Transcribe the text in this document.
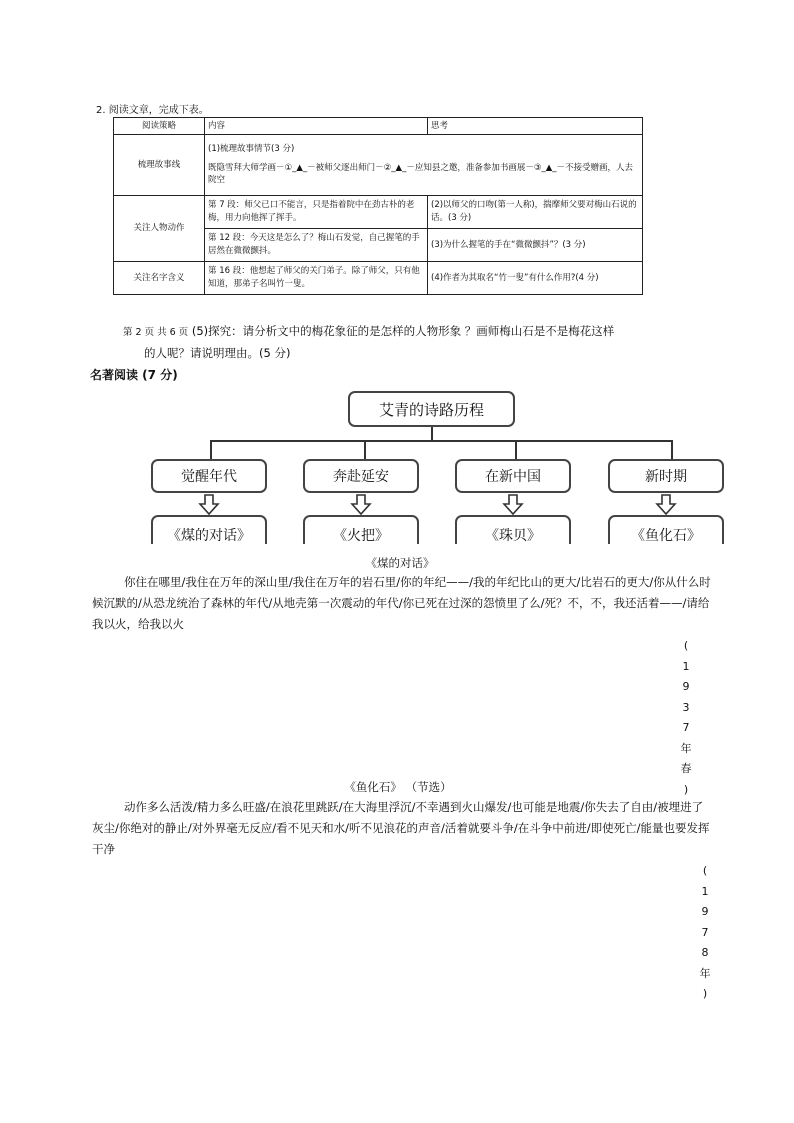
2. 阅读文章，完成下表。
阅读策略	内容	思考
梳理故事线	(1)梳理故事情节(3 分)
既隐雪拜大师学画－①_▲_－被师父逐出师门－②_▲_－应知县之邀，准备参加书画展－③_▲_－不接受赠画，人去院空	

关注人物动作	第 7 段：师父已口不能言，只是指着院中在劲古朴的老梅，用力向他挥了挥手。	(2)以师父的口吻(第一人称)，揣摩师父要对梅山石说的话。(3 分)
	第 12 段：今天这是怎么了？梅山石发觉，自己握笔的手居然在微微颤抖。	(3)为什么握笔的手在“微微颤抖”？(3 分)
关注名字含义	第 16 段：他想起了师父的关门弟子。除了师父，只有他知道，那弟子名叫竹一叟。	(4)作者为其取名“竹一叟”有什么作用?(4 分)
第 2 页 共 6 页 (5)探究：请分析文中的梅花象征的是怎样的人物形象 ？画师梅山石是不是梅花这样
的人呢？请说明理由。(5 分)
名著阅读 (7 分)
艾青的诗路历程
觉醒年代	奔赴延安	在新中国	新时期
《煤的对话》	《火把》	《珠贝》	《鱼化石》
《煤的对话》
你住在哪里/我住在万年的深山里/我住在万年的岩石里/你的年纪——/我的年纪比山的更大/比岩石的更大/你从什么时候沉默的/从恐龙统治了森林的年代/从地壳第一次震动的年代/你已死在过深的怨愤里了么/死？不，不，我还活着——/请给我以火，给我以火
(
1
9
3
7
年
春
)
《鱼化石》 （节选）
动作多么活泼/精力多么旺盛/在浪花里跳跃/在大海里浮沉/不幸遇到火山爆发/也可能是地震/你失去了自由/被埋进了灰尘/你绝对的静止/对外界毫无反应/看不见天和水/听不见浪花的声音/活着就要斗争/在斗争中前进/即使死亡/能量也要发挥干净
(
1
9
7
8
年
)
